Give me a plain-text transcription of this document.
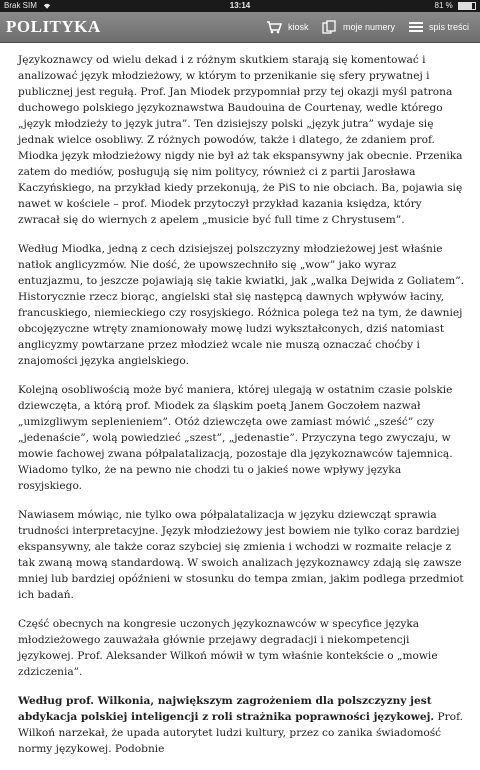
Brak SIM	13:14	81 %
POLITYKA	kiosk	moje numery	spis treści

Językoznawcy od wielu dekad i z różnym skutkiem starają się komentować i analizować język młodzieżowy, w którym to przenikanie się sfery prywatnej i publicznej jest regułą. Prof. Jan Miodek przypomniał przy tej okazji myśl patrona duchowego polskiego językoznawstwa Baudouina de Courtenay, wedle którego „język młodzieży to język jutra”. Ten dzisiejszy polski „język jutra” wydaje się jednak wielce osobliwy. Z różnych powodów, także i dlatego, że zdaniem prof. Miodka język młodzieżowy nigdy nie był aż tak ekspansywny jak obecnie. Przenika zatem do mediów, posługują się nim politycy, również ci z partii Jarosława Kaczyńskiego, na przykład kiedy przekonują, że PiS to nie obciach. Ba, pojawia się nawet w kościele – prof. Miodek przytoczył przykład kazania księdza, który zwracał się do wiernych z apelem „musicie być full time z Chrystusem”.

Według Miodka, jedną z cech dzisiejszej polszczyzny młodzieżowej jest właśnie natłok anglicyzmów. Nie dość, że upowszechniło się „wow” jako wyraz entuzjazmu, to jeszcze pojawiają się takie kwiatki, jak „walka Dejwida z Goliatem”. Historycznie rzecz biorąc, angielski stał się następcą dawnych wpływów łaciny, francuskiego, niemieckiego czy rosyjskiego. Różnica polega też na tym, że dawniej obcojęzyczne wtręty znamionowały mowę ludzi wykształconych, dziś natomiast anglicyzmy powtarzane przez młodzież wcale nie muszą oznaczać choćby i znajomości języka angielskiego.

Kolejną osobliwością może być maniera, której ulegają w ostatnim czasie polskie dziewczęta, a którą prof. Miodek za śląskim poetą Janem Goczołem nazwał „umizgliwym seplenieniem”. Otóż dziewczęta owe zamiast mówić „sześć” czy „jedenaście”, wolą powiedzieć „szest”, „jedenastie”. Przyczyna tego zwyczaju, w mowie fachowej zwana półpalatalizacją, pozostaje dla językoznawców tajemnicą. Wiadomo tylko, że na pewno nie chodzi tu o jakieś nowe wpływy języka rosyjskiego.

Nawiasem mówiąc, nie tylko owa półpalatalizacja w języku dziewcząt sprawia trudności interpretacyjne. Język młodzieżowy jest bowiem nie tylko coraz bardziej ekspansywny, ale także coraz szybciej się zmienia i wchodzi w rozmaite relacje z tak zwaną mową standardową. W swoich analizach językoznawcy zdają się zawsze mniej lub bardziej opóźnieni w stosunku do tempa zmian, jakim podlega przedmiot ich badań.

Część obecnych na kongresie uczonych językoznawców w specyfice języka młodzieżowego zauważała głównie przejawy degradacji i niekompetencji językowej. Prof. Aleksander Wilkoń mówił w tym właśnie kontekście o „mowie zdziczenia”.

Według prof. Wilkonia, największym zagrożeniem dla polszczyzny jest abdykacja polskiej inteligencji z roli strażnika poprawności językowej. Prof. Wilkoń narzekał, że upada autorytet ludzi kultury, przez co zanika świadomość normy językowej. Podobnie
